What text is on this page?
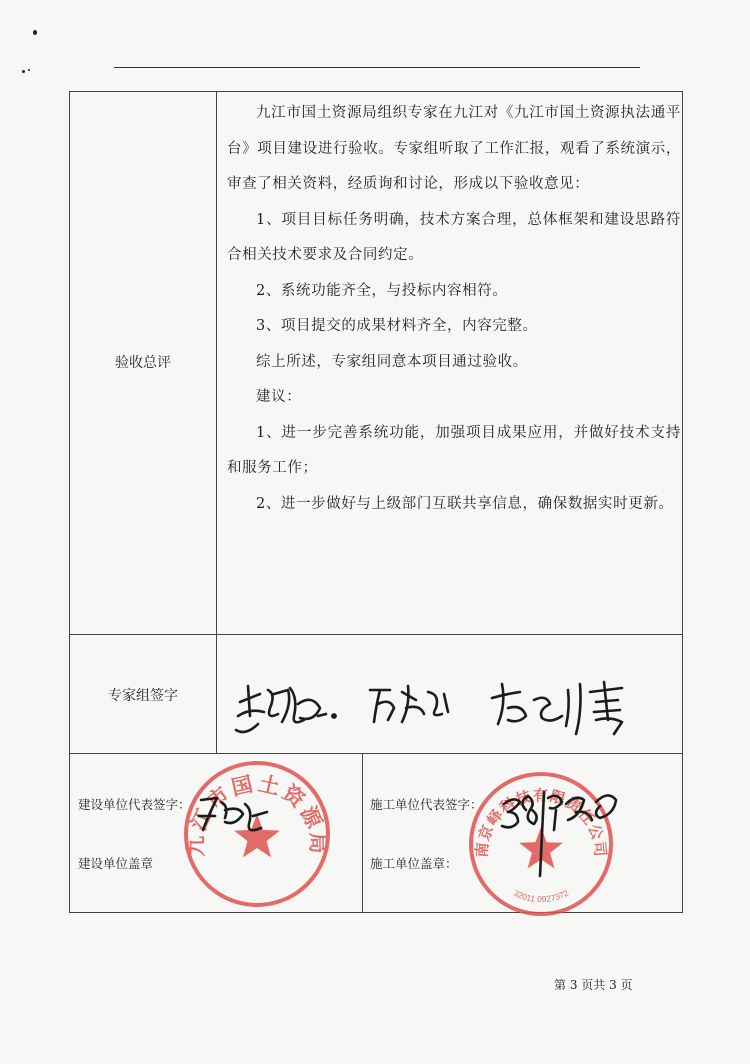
验收总评

九江市国土资源局组织专家在九江对《九江市国土资源执法通平台》项目建设进行验收。专家组听取了工作汇报，观看了系统演示，审查了相关资料，经质询和讨论，形成以下验收意见：

1、项目目标任务明确，技术方案合理，总体框架和建设思路符合相关技术要求及合同约定。

2、系统功能齐全，与投标内容相符。

3、项目提交的成果材料齐全，内容完整。

综上所述，专家组同意本项目通过验收。

建议：

1、进一步完善系统功能，加强项目成果应用，并做好技术支持和服务工作；

2、进一步做好与上级部门互联共享信息，确保数据实时更新。

专家组签字
建设单位代表签字：
建设单位盖章
施工单位代表签字：
施工单位盖章：
九江市国土资源局	南京峄科技有限责任公司
32011 0927372
第 3 页共 3 页
